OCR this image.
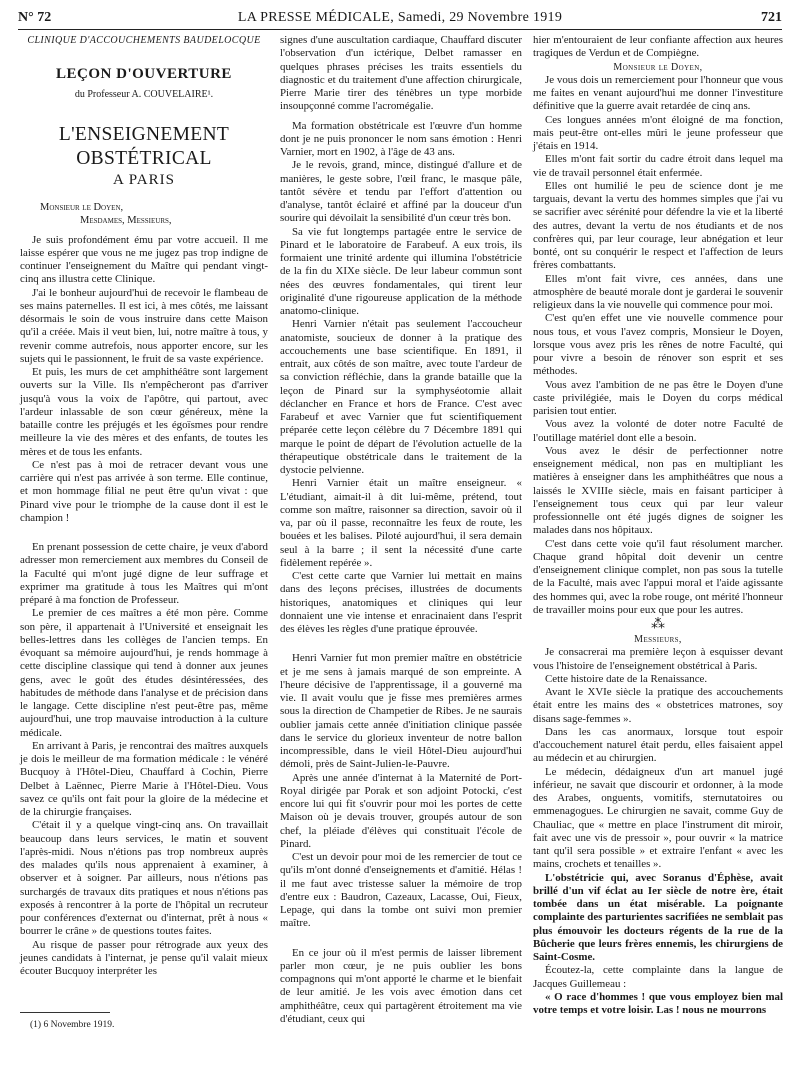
N° 72	LA PRESSE MÉDICALE, Samedi, 29 Novembre 1919	721

CLINIQUE D'ACCOUCHEMENTS BAUDELOCQUE

LEÇON D'OUVERTURE

du Professeur A. COUVELAIRE¹.

L'ENSEIGNEMENT OBSTÉTRICAL

A PARIS

Monsieur le Doyen,

Mesdames, Messieurs,

Je suis profondément ému par votre accueil. Il me laisse espérer que vous ne me jugez pas trop indigne de continuer l'enseignement du Maître qui pendant vingt-cinq ans illustra cette Clinique.

J'ai le bonheur aujourd'hui de recevoir le flambeau de ses mains paternelles. Il est ici, à mes côtés, me laissant désormais le soin de vous instruire dans cette Maison qu'il a créée. Mais il veut bien, lui, notre maître à tous, y revenir comme autrefois, nous apporter encore, sur les sujets qui le passionnent, le fruit de sa vaste expérience.

Et puis, les murs de cet amphithéâtre sont largement ouverts sur la Ville. Ils n'empêcheront pas d'arriver jusqu'à vous la voix de l'apôtre, qui partout, avec l'ardeur inlassable de son cœur généreux, mène la bataille contre les préjugés et les égoïsmes pour rendre meilleure la vie des mères et des enfants, de toutes les mères et de tous les enfants.

Ce n'est pas à moi de retracer devant vous une carrière qui n'est pas arrivée à son terme. Elle continue, et mon hommage filial ne peut être qu'un vivat : que Pinard vive pour le triomphe de la cause dont il est le champion !

En prenant possession de cette chaire, je veux d'abord adresser mon remerciement aux membres du Conseil de la Faculté qui m'ont jugé digne de leur suffrage et exprimer ma gratitude à tous les Maîtres qui m'ont préparé à ma fonction de Professeur.

Le premier de ces maîtres a été mon père. Comme son père, il appartenait à l'Université et enseignait les belles-lettres dans les collèges de l'ancien temps. En évoquant sa mémoire aujourd'hui, je rends hommage à cette discipline classique qui tend à donner aux jeunes gens, avec le goût des études désintéressées, des habitudes de méthode dans l'analyse et de précision dans le langage. Cette discipline n'est peut-être pas, même aujourd'hui, une trop mauvaise introduction à la culture médicale.

En arrivant à Paris, je rencontrai des maîtres auxquels je dois le meilleur de ma formation médicale : le vénéré Bucquoy à l'Hôtel-Dieu, Chauffard à Cochin, Pierre Delbet à Laënnec, Pierre Marie à l'Hôtel-Dieu. Vous savez ce qu'ils ont fait pour la gloire de la médecine et de la chirurgie françaises.

C'était il y a quelque vingt-cinq ans. On travaillait beaucoup dans leurs services, le matin et souvent l'après-midi. Nous n'étions pas trop nombreux auprès des malades qu'ils nous apprenaient à examiner, à observer et à soigner. Par ailleurs, nous n'étions pas surchargés de travaux dits pratiques et nous n'étions pas exposés à rencontrer à la porte de l'hôpital un recruteur pour conférences d'externat ou d'internat, prêt à nous « bourrer le crâne » de questions toutes faites.

Au risque de passer pour rétrograde aux yeux des jeunes candidats à l'internat, je pense qu'il valait mieux écouter Bucquoy interpréter les

(1) 6 Novembre 1919.

signes d'une auscultation cardiaque, Chauffard discuter l'observation d'un ictérique, Delbet ramasser en quelques phrases précises les traits essentiels du diagnostic et du traitement d'une affection chirurgicale, Pierre Marie tirer des ténèbres un type morbide insoupçonné comme l'acromégalie.

Ma formation obstétricale est l'œuvre d'un homme dont je ne puis prononcer le nom sans émotion : Henri Varnier, mort en 1902, à l'âge de 43 ans.

Je le revois, grand, mince, distingué d'allure et de manières, le geste sobre, l'œil franc, le masque pâle, tantôt sévère et tendu par l'effort d'attention ou d'analyse, tantôt éclairé et affiné par la douceur d'un sourire qui dévoilait la sensibilité d'un cœur très bon.

Sa vie fut longtemps partagée entre le service de Pinard et le laboratoire de Farabeuf. A eux trois, ils formaient une trinité ardente qui illumina l'obstétricie de la fin du XIXe siècle. De leur labeur commun sont nées des œuvres fondamentales, qui tirent leur originalité d'une rigoureuse application de la méthode anatomo-clinique.

Henri Varnier n'était pas seulement l'accoucheur anatomiste, soucieux de donner à la pratique des accouchements une base scientifique. En 1891, il entrait, aux côtés de son maître, avec toute l'ardeur de sa conviction réfléchie, dans la grande bataille que la leçon de Pinard sur la symphyséotomie allait déclancher en France et hors de France. C'est avec Farabeuf et avec Varnier que fut scientifiquement préparée cette leçon célèbre du 7 Décembre 1891 qui marque le point de départ de l'évolution actuelle de la thérapeutique obstétricale dans le traitement de la dystocie pelvienne.

Henri Varnier était un maître enseigneur. « L'étudiant, aimait-il à dit lui-même, prétend, tout comme son maître, raisonner sa direction, savoir où il va, par où il passe, reconnaître les feux de route, les bouées et les balises. Piloté aujourd'hui, il sera demain seul à la barre ; il sent la nécessité d'une carte fidèlement repérée ».

C'est cette carte que Varnier lui mettait en mains dans des leçons précises, illustrées de documents historiques, anatomiques et cliniques qui leur donnaient une vie intense et enracinaient dans l'esprit des élèves les règles d'une pratique éprouvée.

Henri Varnier fut mon premier maître en obstétricie et je me sens à jamais marqué de son empreinte. A l'heure décisive de l'apprentissage, il a gouverné ma vie. Il avait voulu que je fisse mes premières armes sous la direction de Champetier de Ribes. Je ne saurais oublier jamais cette année d'initiation clinique passée dans le service du glorieux inventeur de notre ballon incompressible, dans le vieil Hôtel-Dieu aujourd'hui démoli, près de Saint-Julien-le-Pauvre.

Après une année d'internat à la Maternité de Port-Royal dirigée par Porak et son adjoint Potocki, c'est encore lui qui fit s'ouvrir pour moi les portes de cette Maison où je devais trouver, groupés autour de son chef, la pléiade d'élèves qui constituait l'école de Pinard.

C'est un devoir pour moi de les remercier de tout ce qu'ils m'ont donné d'enseignements et d'amitié. Hélas ! il me faut avec tristesse saluer la mémoire de trop d'entre eux : Baudron, Cazeaux, Lacasse, Oui, Fieux, Lepage, qui dans la tombe ont suivi mon premier maître.

En ce jour où il m'est permis de laisser librement parler mon cœur, je ne puis oublier les bons compagnons qui m'ont apporté le charme et le bienfait de leur amitié. Je les vois avec émotion dans cet amphithéâtre, ceux qui partagèrent étroitement ma vie d'étudiant, ceux qui

hier m'entouraient de leur confiante affection aux heures tragiques de Verdun et de Compiègne.

Monsieur le Doyen,

Je vous dois un remerciement pour l'honneur que vous me faites en venant aujourd'hui me donner l'investiture définitive que la guerre avait retardée de cinq ans.

Ces longues années m'ont éloigné de ma fonction, mais peut-être ont-elles mûri le jeune professeur que j'étais en 1914.

Elles m'ont fait sortir du cadre étroit dans lequel ma vie de travail personnel était enfermée.

Elles ont humilié le peu de science dont je me targuais, devant la vertu des hommes simples que j'ai vu se sacrifier avec sérénité pour défendre la vie et la liberté des autres, devant la vertu de nos étudiants et de nos confrères qui, par leur courage, leur abnégation et leur bonté, ont su conquérir le respect et l'affection de leurs frères combattants.

Elles m'ont fait vivre, ces années, dans une atmosphère de beauté morale dont je garderai le souvenir religieux dans la vie nouvelle qui commence pour moi.

C'est qu'en effet une vie nouvelle commence pour nous tous, et vous l'avez compris, Monsieur le Doyen, lorsque vous avez pris les rênes de notre Faculté, qui pour vivre a besoin de rénover son esprit et ses méthodes.

Vous avez l'ambition de ne pas être le Doyen d'une caste privilégiée, mais le Doyen du corps médical parisien tout entier.

Vous avez la volonté de doter notre Faculté de l'outillage matériel dont elle a besoin.

Vous avez le désir de perfectionner notre enseignement médical, non pas en multipliant les matières à enseigner dans les amphithéâtres que nous a laissés le XVIIIe siècle, mais en faisant participer à l'enseignement tous ceux qui par leur valeur professionnelle ont été jugés dignes de soigner les malades dans nos hôpitaux.

C'est dans cette voie qu'il faut résolument marcher. Chaque grand hôpital doit devenir un centre d'enseignement clinique complet, non pas sous la tutelle de la Faculté, mais avec l'appui moral et l'aide agissante des hommes qui, avec la robe rouge, ont mérité l'honneur de travailler moins pour eux que pour les autres.

⁂

Messieurs,

Je consacrerai ma première leçon à esquisser devant vous l'histoire de l'enseignement obstétrical à Paris.

Cette histoire date de la Renaissance.

Avant le XVIe siècle la pratique des accouchements était entre les mains des « obstetrices matrones, soy disans sage-femmes ».

Dans les cas anormaux, lorsque tout espoir d'accouchement naturel était perdu, elles faisaient appel au médecin et au chirurgien.

Le médecin, dédaigneux d'un art manuel jugé inférieur, ne savait que discourir et ordonner, à la mode des Arabes, onguents, vomitifs, sternutatoires ou emmenagogues. Le chirurgien ne savait, comme Guy de Chauliac, que « mettre en place l'instrument dit miroir, fait avec une vis de pressoir », pour ouvrir « la matrice tant qu'il sera possible » et extraire l'enfant « avec les mains, crochets et tenailles ».

L'obstétricie qui, avec Soranus d'Éphèse, avait brillé d'un vif éclat au Ier siècle de notre ère, était tombée dans un état misérable. La poignante complainte des parturientes sacrifiées ne semblait pas plus émouvoir les docteurs régents de la rue de la Bûcherie que leurs frères ennemis, les chirurgiens de Saint-Cosme.

Écoutez-la, cette complainte dans la langue de Jacques Guillemeau :

« O race d'hommes ! que vous employez bien mal votre temps et votre loisir. Las ! nous ne mourrons
